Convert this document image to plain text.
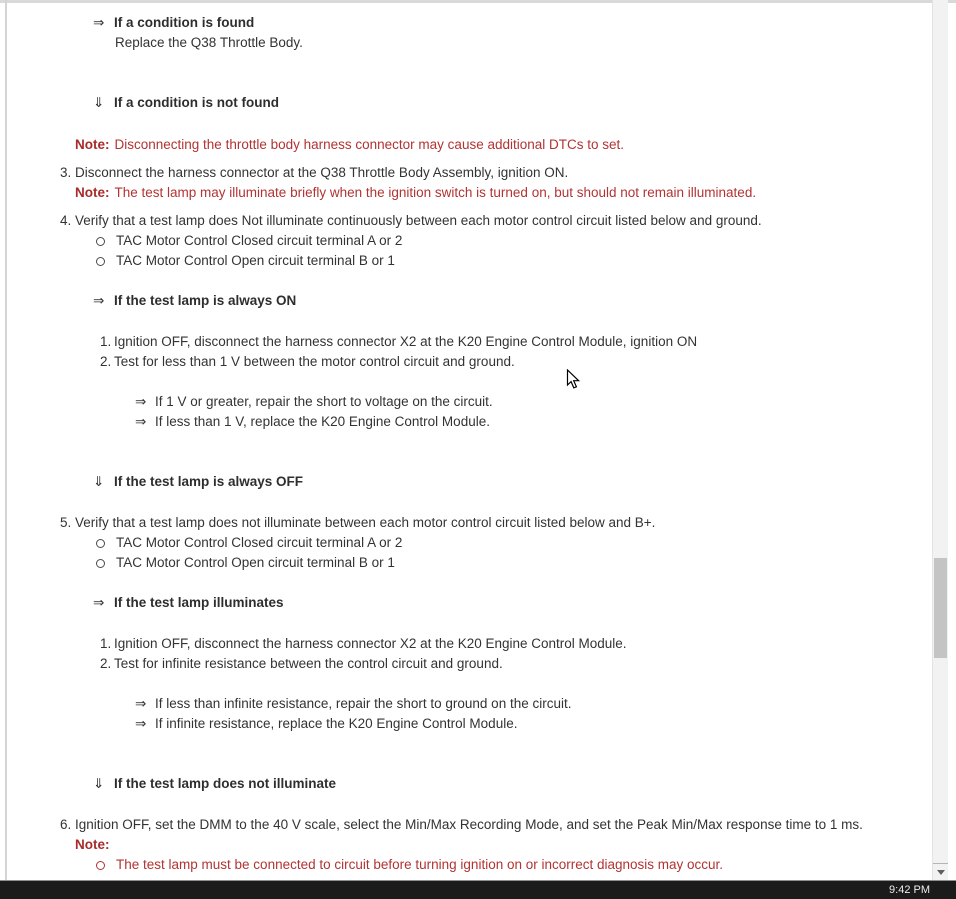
⇒ If a condition is found
Replace the Q38 Throttle Body.
⇓ If a condition is not found
Note: Disconnecting the throttle body harness connector may cause additional DTCs to set.
3. Disconnect the harness connector at the Q38 Throttle Body Assembly, ignition ON.
Note: The test lamp may illuminate briefly when the ignition switch is turned on, but should not remain illuminated.
4. Verify that a test lamp does Not illuminate continuously between each motor control circuit listed below and ground.
TAC Motor Control Closed circuit terminal A or 2
TAC Motor Control Open circuit terminal B or 1
⇒ If the test lamp is always ON
1. Ignition OFF, disconnect the harness connector X2 at the K20 Engine Control Module, ignition ON
2. Test for less than 1 V between the motor control circuit and ground.
⇒ If 1 V or greater, repair the short to voltage on the circuit.
⇒ If less than 1 V, replace the K20 Engine Control Module.
⇓ If the test lamp is always OFF
5. Verify that a test lamp does not illuminate between each motor control circuit listed below and B+.
TAC Motor Control Closed circuit terminal A or 2
TAC Motor Control Open circuit terminal B or 1
⇒ If the test lamp illuminates
1. Ignition OFF, disconnect the harness connector X2 at the K20 Engine Control Module.
2. Test for infinite resistance between the control circuit and ground.
⇒ If less than infinite resistance, repair the short to ground on the circuit.
⇒ If infinite resistance, replace the K20 Engine Control Module.
⇓ If the test lamp does not illuminate
6. Ignition OFF, set the DMM to the 40 V scale, select the Min/Max Recording Mode, and set the Peak Min/Max response time to 1 ms.
Note:
The test lamp must be connected to circuit before turning ignition on or incorrect diagnosis may occur.
9:42 PM
